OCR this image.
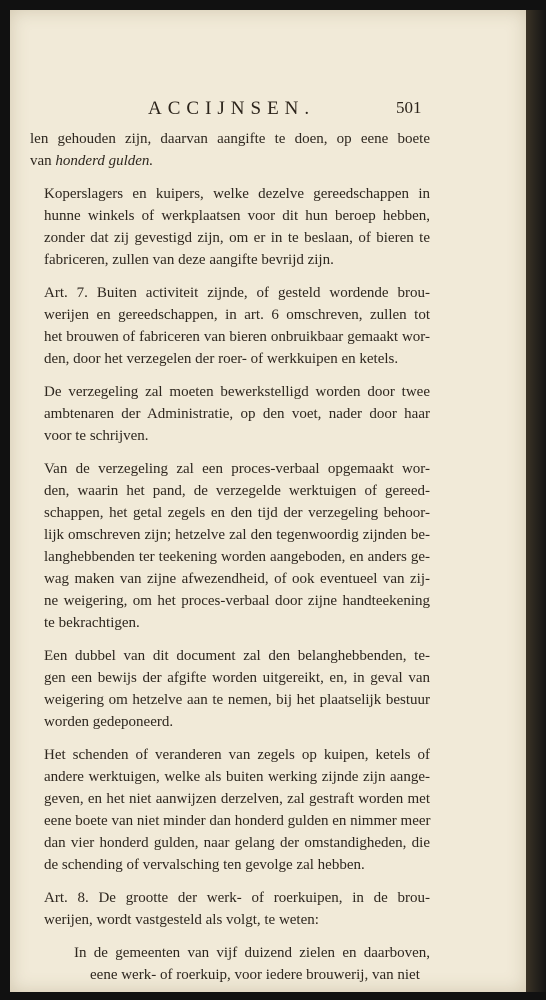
ACCIJNSEN.	501

len gehouden zijn, daarvan aangifte te doen, op eene boete
van honderd gulden.

Koperslagers en kuipers, welke dezelve gereedschappen in
hunne winkels of werkplaatsen voor dit hun beroep hebben,
zonder dat zij gevestigd zijn, om er in te beslaan, of bieren te
fabriceren, zullen van deze aangifte bevrijd zijn.

Art. 7. Buiten activiteit zijnde, of gesteld wordende brou-
werijen en gereedschappen, in art. 6 omschreven, zullen tot
het brouwen of fabriceren van bieren onbruikbaar gemaakt wor-
den, door het verzegelen der roer- of werkkuipen en ketels.

De verzegeling zal moeten bewerkstelligd worden door twee
ambtenaren der Administratie, op den voet, nader door haar
voor te schrijven.

Van de verzegeling zal een proces-verbaal opgemaakt wor-
den, waarin het pand, de verzegelde werktuigen of gereed-
schappen, het getal zegels en den tijd der verzegeling behoor-
lijk omschreven zijn; hetzelve zal den tegenwoordig zijnden be-
langhebbenden ter teekening worden aangeboden, en anders ge-
wag maken van zijne afwezendheid, of ook eventueel van zij-
ne weigering, om het proces-verbaal door zijne handteekening
te bekrachtigen.

Een dubbel van dit document zal den belanghebbenden, te-
gen een bewijs der afgifte worden uitgereikt, en, in geval van
weigering om hetzelve aan te nemen, bij het plaatselijk bestuur
worden gedeponeerd.

Het schenden of veranderen van zegels op kuipen, ketels of
andere werktuigen, welke als buiten werking zijnde zijn aange-
geven, en het niet aanwijzen derzelven, zal gestraft worden met
eene boete van niet minder dan honderd gulden en nimmer meer
dan vier honderd gulden, naar gelang der omstandigheden, die
de schending of vervalsching ten gevolge zal hebben.

Art. 8. De grootte der werk- of roerkuipen, in de brou-
werijen, wordt vastgesteld als volgt, te weten:

In de gemeenten van vijf duizend zielen en daarboven,
eene werk- of roerkuip, voor iedere brouwerij, van niet
